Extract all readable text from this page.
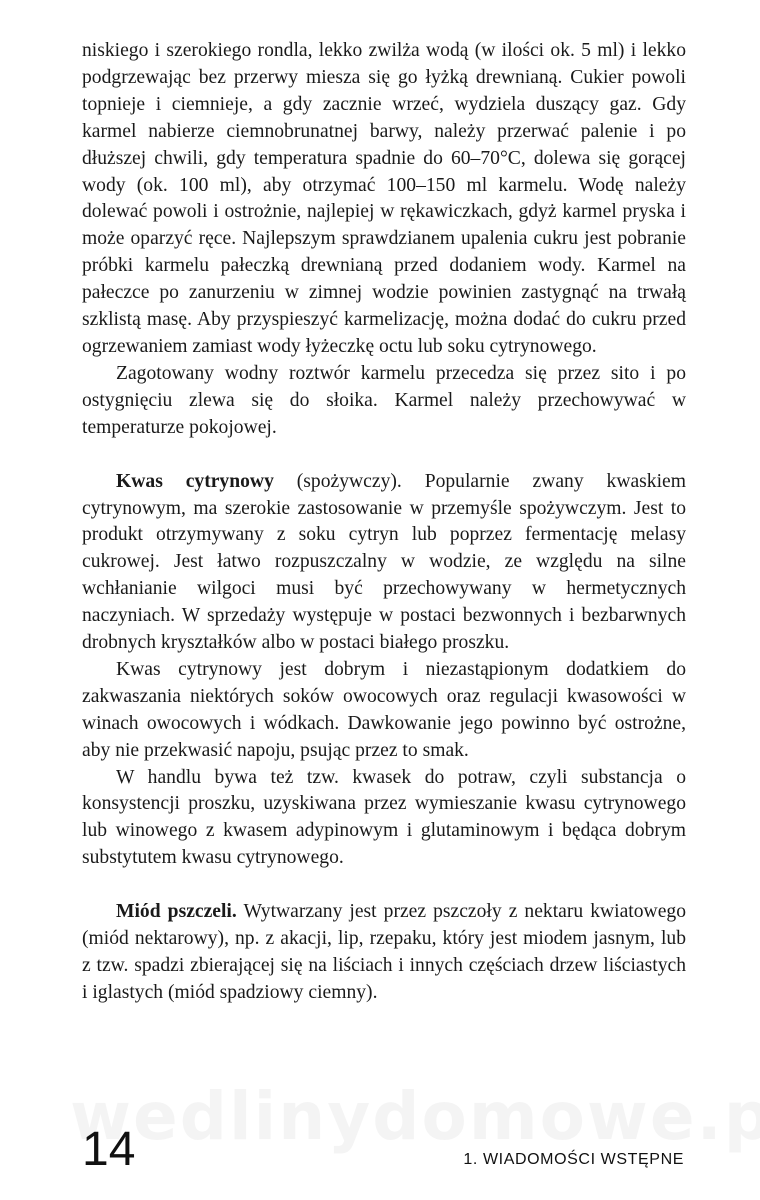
niskiego i szerokiego rondla, lekko zwilża wodą (w ilości ok. 5 ml) i lekko podgrzewając bez przerwy miesza się go łyżką drewnianą. Cukier powoli topnieje i ciemnieje, a gdy zacznie wrzeć, wydziela duszący gaz. Gdy karmel nabierze ciemnobrunatnej barwy, należy przerwać palenie i po dłuższej chwili, gdy temperatura spadnie do 60–70°C, dolewa się gorącej wody (ok. 100 ml), aby otrzymać 100–150 ml karmelu. Wodę należy dolewać powoli i ostrożnie, najlepiej w rękawiczkach, gdyż karmel pryska i może oparzyć ręce. Najlepszym sprawdzianem upalenia cukru jest pobranie próbki karmelu pałeczką drewnianą przed dodaniem wody. Karmel na pałeczce po zanurzeniu w zimnej wodzie powinien zastygnąć na trwałą szklistą masę. Aby przyspieszyć karmelizację, można dodać do cukru przed ogrzewaniem zamiast wody łyżeczkę octu lub soku cytrynowego.

Zagotowany wodny roztwór karmelu przecedza się przez sito i po ostygnięciu zlewa się do słoika. Karmel należy przechowywać w temperaturze pokojowej.

Kwas cytrynowy (spożywczy). Popularnie zwany kwaskiem cytrynowym, ma szerokie zastosowanie w przemyśle spożywczym. Jest to produkt otrzymywany z soku cytryn lub poprzez fermentację melasy cukrowej. Jest łatwo rozpuszczalny w wodzie, ze względu na silne wchłanianie wilgoci musi być przechowywany w hermetycznych naczyniach. W sprzedaży występuje w postaci bezwonnych i bezbarwnych drobnych kryształków albo w postaci białego proszku.

Kwas cytrynowy jest dobrym i niezastąpionym dodatkiem do zakwaszania niektórych soków owocowych oraz regulacji kwasowości w winach owocowych i wódkach. Dawkowanie jego powinno być ostrożne, aby nie przekwasić napoju, psując przez to smak.

W handlu bywa też tzw. kwasek do potraw, czyli substancja o konsystencji proszku, uzyskiwana przez wymieszanie kwasu cytrynowego lub winowego z kwasem adypinowym i glutaminowym i będąca dobrym substytutem kwasu cytrynowego.

Miód pszczeli. Wytwarzany jest przez pszczoły z nektaru kwiatowego (miód nektarowy), np. z akacji, lip, rzepaku, który jest miodem jasnym, lub z tzw. spadzi zbierającej się na liściach i innych częściach drzew liściastych i iglastych (miód spadziowy ciemny).

14	1. WIADOMOŚCI WSTĘPNE
